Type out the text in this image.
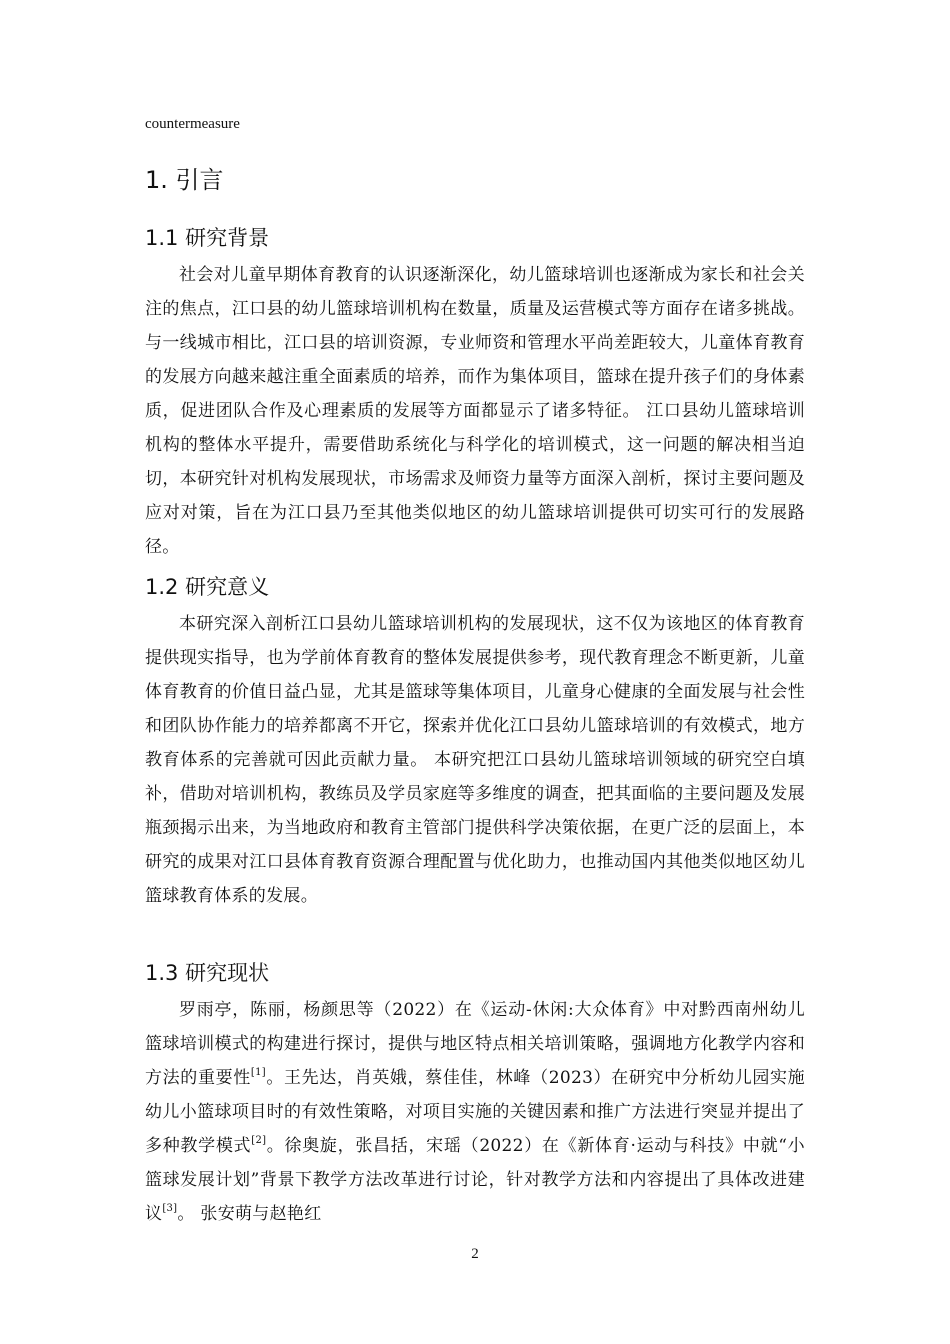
countermeasure
1. 引言
1.1 研究背景

社会对儿童早期体育教育的认识逐渐深化，幼儿篮球培训也逐渐成为家长和社会关注的焦点，江口县的幼儿篮球培训机构在数量，质量及运营模式等方面存在诸多挑战。与一线城市相比，江口县的培训资源，专业师资和管理水平尚差距较大，儿童体育教育的发展方向越来越注重全面素质的培养，而作为集体项目，篮球在提升孩子们的身体素质，促进团队合作及心理素质的发展等方面都显示了诸多特征。 江口县幼儿篮球培训机构的整体水平提升，需要借助系统化与科学化的培训模式，这一问题的解决相当迫切，本研究针对机构发展现状，市场需求及师资力量等方面深入剖析，探讨主要问题及应对对策，旨在为江口县乃至其他类似地区的幼儿篮球培训提供可切实可行的发展路径。

1.2 研究意义

本研究深入剖析江口县幼儿篮球培训机构的发展现状，这不仅为该地区的体育教育提供现实指导，也为学前体育教育的整体发展提供参考，现代教育理念不断更新，儿童体育教育的价值日益凸显，尤其是篮球等集体项目，儿童身心健康的全面发展与社会性和团队协作能力的培养都离不开它，探索并优化江口县幼儿篮球培训的有效模式，地方教育体系的完善就可因此贡献力量。 本研究把江口县幼儿篮球培训领域的研究空白填补，借助对培训机构，教练员及学员家庭等多维度的调查，把其面临的主要问题及发展瓶颈揭示出来，为当地政府和教育主管部门提供科学决策依据，在更广泛的层面上，本研究的成果对江口县体育教育资源合理配置与优化助力，也推动国内其他类似地区幼儿篮球教育体系的发展。

1.3 研究现状

罗雨亭，陈丽，杨颜思等（2022）在《运动-休闲:大众体育》中对黔西南州幼儿篮球培训模式的构建进行探讨，提供与地区特点相关培训策略，强调地方化教学内容和方法的重要性[1]。王先达，肖英娥，蔡佳佳，林峰（2023）在研究中分析幼儿园实施幼儿小篮球项目时的有效性策略，对项目实施的关键因素和推广方法进行突显并提出了多种教学模式[2]。徐奥旋，张昌括，宋瑶（2022）在《新体育·运动与科技》中就“小篮球发展计划”背景下教学方法改革进行讨论，针对教学方法和内容提出了具体改进建议[3]。 张安萌与赵艳红

2
